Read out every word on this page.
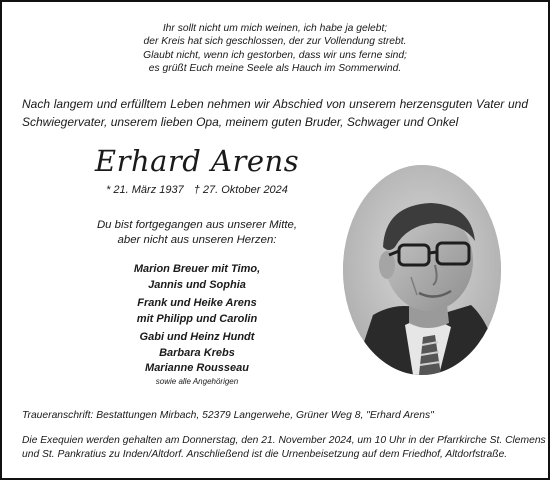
Ihr sollt nicht um mich weinen, ich habe ja gelebt;
der Kreis hat sich geschlossen, der zur Vollendung strebt.
Glaubt nicht, wenn ich gestorben, dass wir uns ferne sind;
es grüßt Euch meine Seele als Hauch im Sommerwind.
Nach langem und erfülltem Leben nehmen wir Abschied von unserem herzensguten Vater und Schwiegervater, unserem lieben Opa, meinem guten Bruder, Schwager und Onkel
Erhard Arens
* 21. März 1937 † 27. Oktober 2024
Du bist fortgegangen aus unserer Mitte,
aber nicht aus unseren Herzen:
Marion Breuer mit Timo,
Jannis und Sophia
Frank und Heike Arens
mit Philipp und Carolin
Gabi und Heinz Hundt
Barbara Krebs
Marianne Rousseau
sowie alle Angehörigen
Traueranschrift: Bestattungen Mirbach, 52379 Langerwehe, Grüner Weg 8, "Erhard Arens"
Die Exequien werden gehalten am Donnerstag, den 21. November 2024, um 10 Uhr in der Pfarrkirche St. Clemens
und St. Pankratius zu Inden/Altdorf. Anschließend ist die Urnenbeisetzung auf dem Friedhof, Altdorfstraße.
